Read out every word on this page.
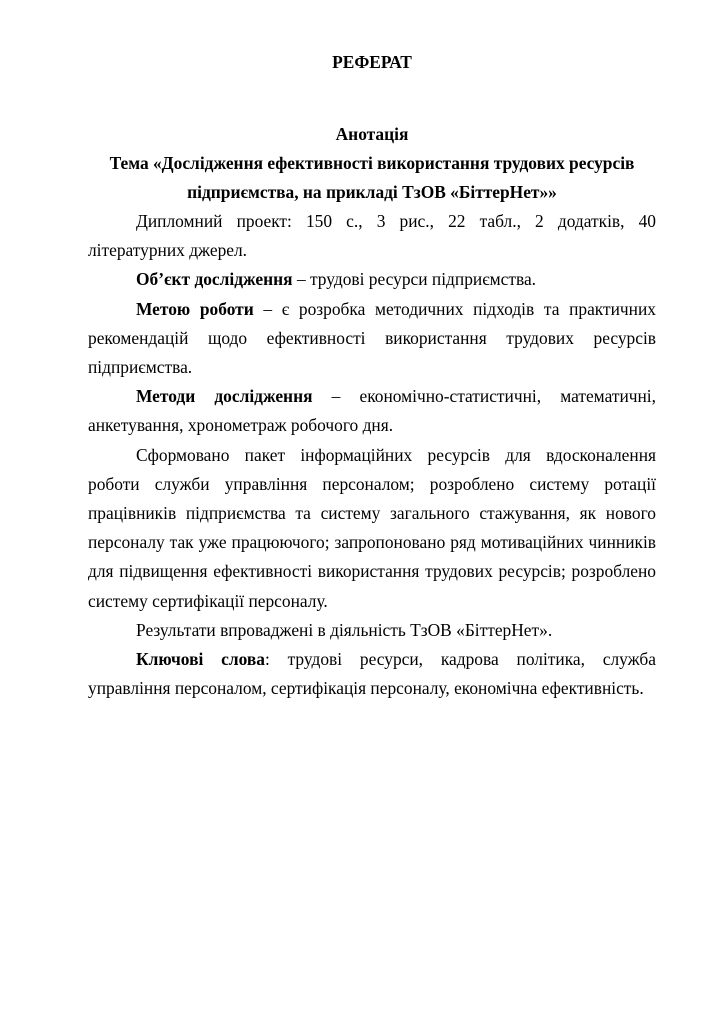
РЕФЕРАТ
Анотація
Тема «Дослідження ефективності використання трудових ресурсів
підприємства, на прикладі ТзОВ «БіттерНет»»

Дипломний проект: 150 с., 3 рис., 22 табл., 2 додатків, 40 літературних джерел.

Об’єкт дослідження – трудові ресурси підприємства.

Метою роботи – є розробка методичних підходів та практичних рекомендацій щодо ефективності використання трудових ресурсів підприємства.

Методи дослідження – економічно-статистичні, математичні, анкетування, хронометраж робочого дня.

Сформовано пакет інформаційних ресурсів для вдосконалення роботи служби управління персоналом; розроблено систему ротації працівників підприємства та систему загального стажування, як нового персоналу так уже працюючого; запропоновано ряд мотиваційних чинників для підвищення ефективності використання трудових ресурсів; розроблено систему сертифікації персоналу.

Результати впроваджені в діяльність ТзОВ «БіттерНет».

Ключові слова: трудові ресурси, кадрова політика, служба управління персоналом, сертифікація персоналу, економічна ефективність.
